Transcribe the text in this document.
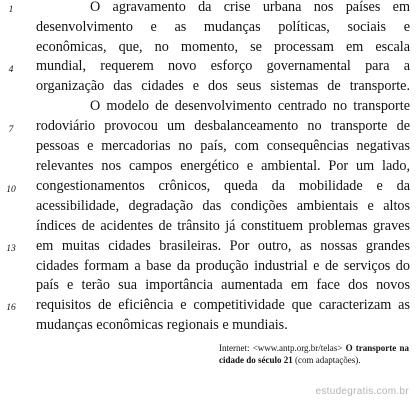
1
4
7
10
13
16
O agravamento da crise urbana nos países em
desenvolvimento e as mudanças políticas, sociais e
econômicas, que, no momento, se processam em escala
mundial, requerem novo esforço governamental para a
organização das cidades e dos seus sistemas de transporte.
O modelo de desenvolvimento centrado no transporte
rodoviário provocou um desbalanceamento no transporte de
pessoas e mercadorias no país, com consequências negativas
relevantes nos campos energético e ambiental. Por um lado,
congestionamentos crônicos, queda da mobilidade e da
acessibilidade, degradação das condições ambientais e altos
índices de acidentes de trânsito já constituem problemas graves
em muitas cidades brasileiras. Por outro, as nossas grandes
cidades formam a base da produção industrial e de serviços do
país e terão sua importância aumentada em face dos novos
requisitos de eficiência e competitividade que caracterizam as
mudanças econômicas regionais e mundiais.
Internet: <www.antp.org.br/telas> O transporte na cidade do século 21 (com adaptações).
estudegratis.com.br
